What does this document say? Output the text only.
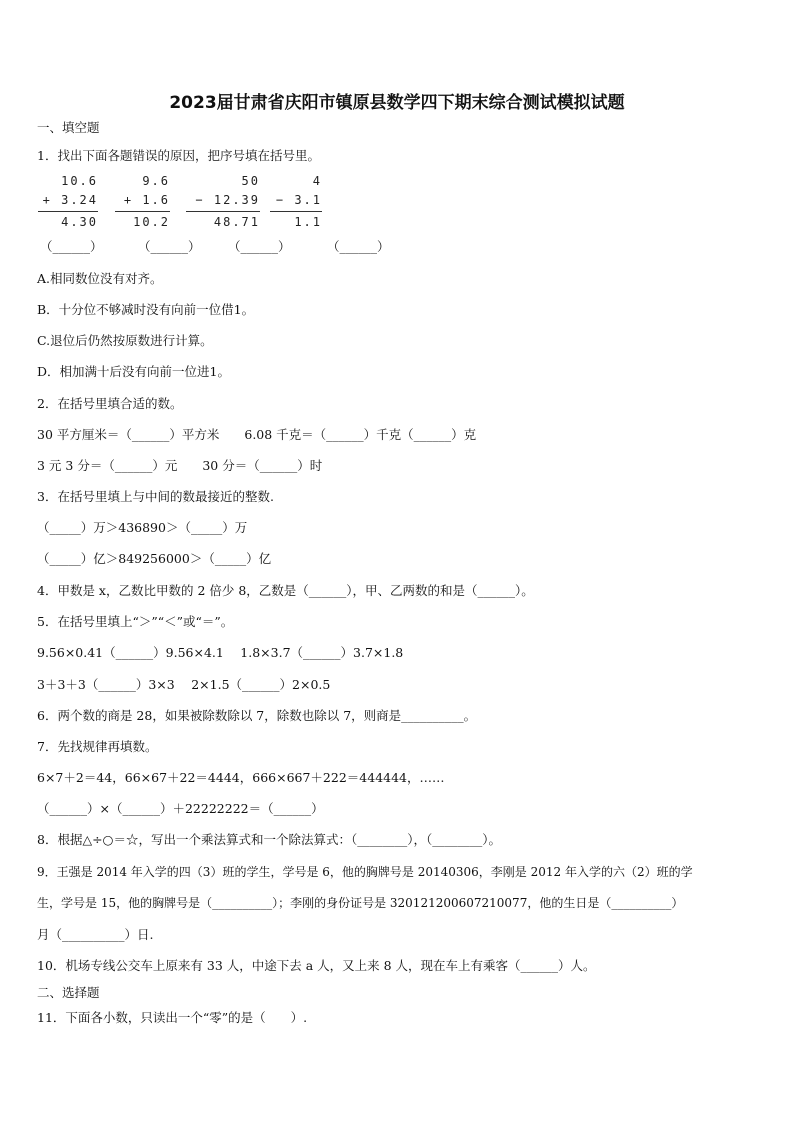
2023届甘肃省庆阳市镇原县数学四下期末综合测试模拟试题
一、填空题
1．找出下面各题错误的原因，把序号填在括号里。
10.6
+ 3.24
4.30
9.6
+ 1.6
10.2
50
− 12.39
48.71
4
− 3.1
1.1
（______）	（______） （______）	（______）
A.相同数位没有对齐。
B．十分位不够减时没有向前一位借1。
C.退位后仍然按原数进行计算。
D．相加满十后没有向前一位进1。
2．在括号里填合适的数。
30 平方厘米＝（______）平方米　　6.08 千克＝（______）千克（______）克
3 元 3 分＝（______）元　　30 分＝（______）时
3．在括号里填上与中间的数最接近的整数.
（_____）万＞436890＞（_____）万
（_____）亿＞849256000＞（_____）亿
4．甲数是 x，乙数比甲数的 2 倍少 8，乙数是（______），甲、乙两数的和是（______）。
5．在括号里填上“＞”“＜”或“＝”。
9.56×0.41（______）9.56×4.1　 1.8×3.7（______）3.7×1.8
3＋3＋3（______）3×3　 2×1.5（______）2×0.5
6．两个数的商是 28，如果被除数除以 7，除数也除以 7，则商是__________。
7．先找规律再填数。
6×7＋2＝44，66×67＋22＝4444，666×667＋222＝444444，……
（______）×（______）＋22222222＝（______）
8．根据△÷○＝☆，写出一个乘法算式和一个除法算式：（________），（________）。
9．王强是 2014 年入学的四（3）班的学生，学号是 6，他的胸牌号是 20140306，李刚是 2012 年入学的六（2）班的学
生，学号是 15，他的胸牌号是（__________）；李刚的身份证号是 320121200607210077，他的生日是（__________）
月（__________）日.
10．机场专线公交车上原来有 33 人，中途下去 a 人，又上来 8 人，现在车上有乘客（______）人。
二、选择题
11．下面各小数，只读出一个“零”的是（　　）.
